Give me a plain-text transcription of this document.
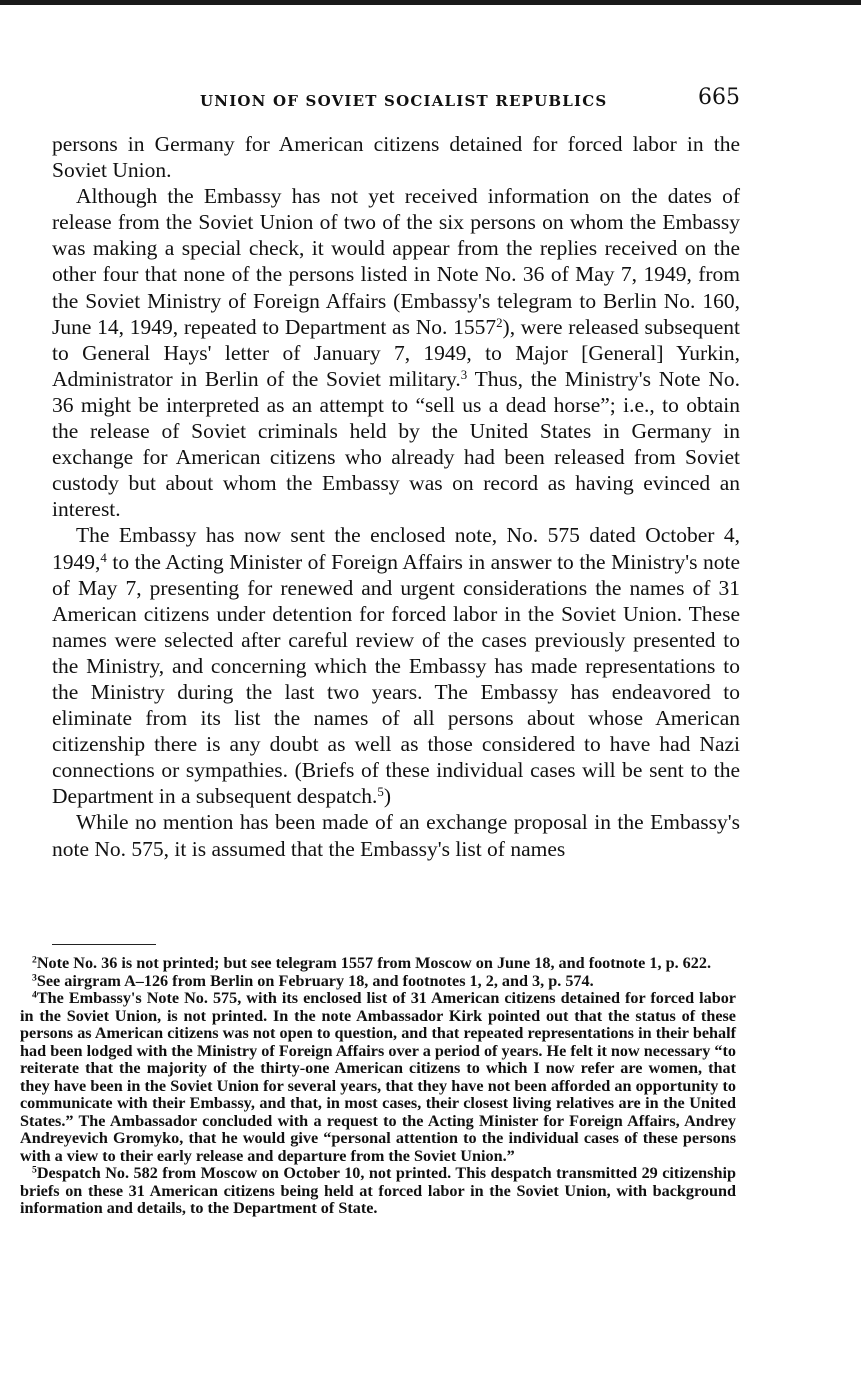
UNION OF SOVIET SOCIALIST REPUBLICS	665

persons in Germany for American citizens detained for forced labor in the Soviet Union.

Although the Embassy has not yet received information on the dates of release from the Soviet Union of two of the six persons on whom the Embassy was making a special check, it would appear from the replies received on the other four that none of the persons listed in Note No. 36 of May 7, 1949, from the Soviet Ministry of Foreign Affairs (Embassy's telegram to Berlin No. 160, June 14, 1949, repeated to Department as No. 1557$^2$), were released subsequent to General Hays' letter of January 7, 1949, to Major [General] Yurkin, Administrator in Berlin of the Soviet military.$^3$ Thus, the Ministry's Note No. 36 might be interpreted as an attempt to “sell us a dead horse”; i.e., to obtain the release of Soviet criminals held by the United States in Germany in exchange for American citizens who already had been released from Soviet custody but about whom the Embassy was on record as having evinced an interest.

The Embassy has now sent the enclosed note, No. 575 dated October 4, 1949,$^4$ to the Acting Minister of Foreign Affairs in answer to the Ministry's note of May 7, presenting for renewed and urgent considerations the names of 31 American citizens under detention for forced labor in the Soviet Union. These names were selected after careful review of the cases previously presented to the Ministry, and concerning which the Embassy has made representations to the Ministry during the last two years. The Embassy has endeavored to eliminate from its list the names of all persons about whose American citizenship there is any doubt as well as those considered to have had Nazi connections or sympathies. (Briefs of these individual cases will be sent to the Department in a subsequent despatch.$^5$)

While no mention has been made of an exchange proposal in the Embassy's note No. 575, it is assumed that the Embassy's list of names

$^2$Note No. 36 is not printed; but see telegram 1557 from Moscow on June 18, and footnote 1, p. 622.

$^3$See airgram A–126 from Berlin on February 18, and footnotes 1, 2, and 3, p. 574.

$^4$The Embassy's Note No. 575, with its enclosed list of 31 American citizens detained for forced labor in the Soviet Union, is not printed. In the note Ambassador Kirk pointed out that the status of these persons as American citizens was not open to question, and that repeated representations in their behalf had been lodged with the Ministry of Foreign Affairs over a period of years. He felt it now necessary “to reiterate that the majority of the thirty-one American citizens to which I now refer are women, that they have been in the Soviet Union for several years, that they have not been afforded an opportunity to communicate with their Embassy, and that, in most cases, their closest living relatives are in the United States.” The Ambassador concluded with a request to the Acting Minister for Foreign Affairs, Andrey Andreyevich Gromyko, that he would give “personal attention to the individual cases of these persons with a view to their early release and departure from the Soviet Union.”

$^5$Despatch No. 582 from Moscow on October 10, not printed. This despatch transmitted 29 citizenship briefs on these 31 American citizens being held at forced labor in the Soviet Union, with background information and details, to the Department of State.
